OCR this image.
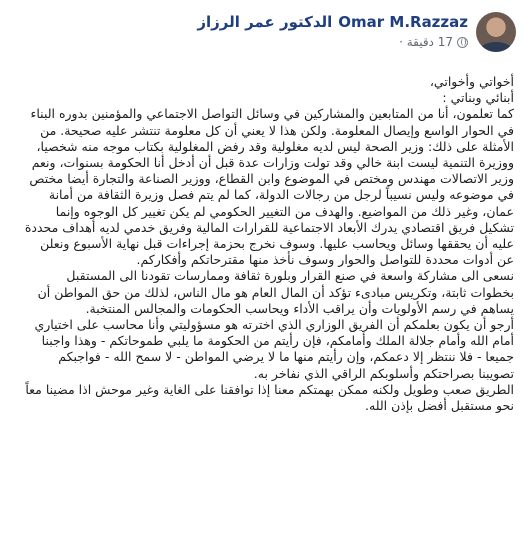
Omar M.Razzaz
الدكتور عمر الرزاز
17 دقيقة ·

أخواتي وأخواتي،

أبنائي وبناتي :

كما تعلمون، أنا من المتابعين والمشاركين في وسائل التواصل الاجتماعي والمؤمنين بدوره البناء في الحوار الواسع وإيصال المعلومة. ولكن هذا لا يعني أن كل معلومة تنتشر عليه صحيحة. من الأمثلة على ذلك: وزير الصحة ليس لديه مغلولية وقد رفض المغلولية بكتاب موجه منه شخصيا، ووزيرة التنمية ليست ابنة خالي وقد تولت وزارات عدة قبل أن أدخل أنا الحكومة بسنوات، ونعم وزير الاتصالات مهندس ومختص في الموضوع وابن القطاع، ووزير الصناعة والتجارة أيضا مختص في موضوعه وليس نسيباً لرجل من رجالات الدولة، كما لم يتم فصل وزيرة الثقافة من أمانة عمان، وغير ذلك من المواضيع. والهدف من التغيير الحكومي لم يكن تغيير كل الوجوه وإنما تشكيل فريق اقتصادي يدرك الأبعاد الاجتماعية للقرارات المالية وفريق خدمي لديه أهداف محددة عليه أن يحققها وسائل ويحاسب عليها. وسوف نخرج بحزمة إجراءات قبل نهاية الأسبوع ونعلن عن أدوات محددة للتواصل والحوار وسوف نأخذ منها مقترحاتكم وأفكاركم.

نسعى الى مشاركة واسعة في صنع القرار وبلورة ثقافة وممارسات تقودنا الى المستقبل بخطوات ثابتة، وتكريس مبادىء تؤكد أن المال العام هو مال الناس، لذلك من حق المواطن أن يساهم في رسم الأولويات وأن يراقب الأداء ويحاسب الحكومات والمجالس المنتخبة.

أرجو أن يكون بعلمكم أن الفريق الوزاري الذي اخترته هو مسؤوليتي وأنا محاسب على اختياري أمام الله وأمام جلالة الملك وأمامكم، فإن رأيتم من الحكومة ما يلبي طموحاتكم - وهذا واجبنا جميعا - فلا ننتظر إلا دعمكم، وإن رأيتم منها ما لا يرضي المواطن - لا سمح الله - فواجبكم تصويبنا بصراحتكم وأسلوبكم الراقي الذي نفاخر به.

الطريق صعب وطويل ولكنه ممكن بهمتكم معنا إذا توافقنا على الغاية وغير موحش اذا مضينا معاً نحو مستقبل أفضل بإذن الله.
